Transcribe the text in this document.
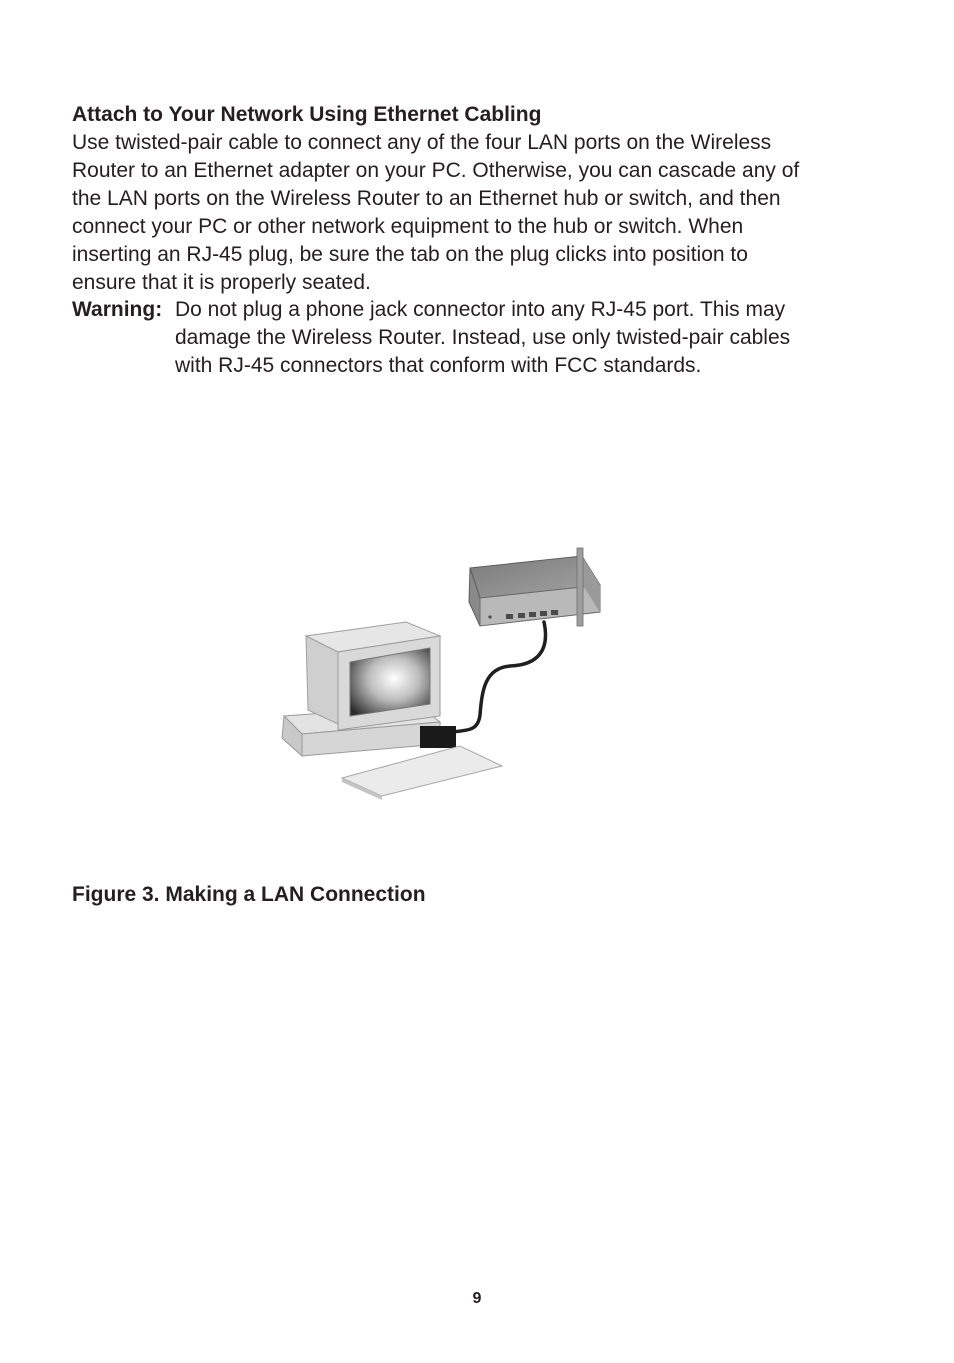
Attach to Your Network Using Ethernet Cabling
Use twisted-pair cable to connect any of the four LAN ports on the Wireless
Router to an Ethernet adapter on your PC. Otherwise, you can cascade any of
the LAN ports on the Wireless Router to an Ethernet hub or switch, and then
connect your PC or other network equipment to the hub or switch. When
inserting an RJ-45 plug, be sure the tab on the plug clicks into position to
ensure that it is properly seated.
Warning: Do not plug a phone jack connector into any RJ-45 port. This may
damage the Wireless Router. Instead, use only twisted-pair cables
with RJ-45 connectors that conform with FCC standards.
Figure 3. Making a LAN Connection
9
